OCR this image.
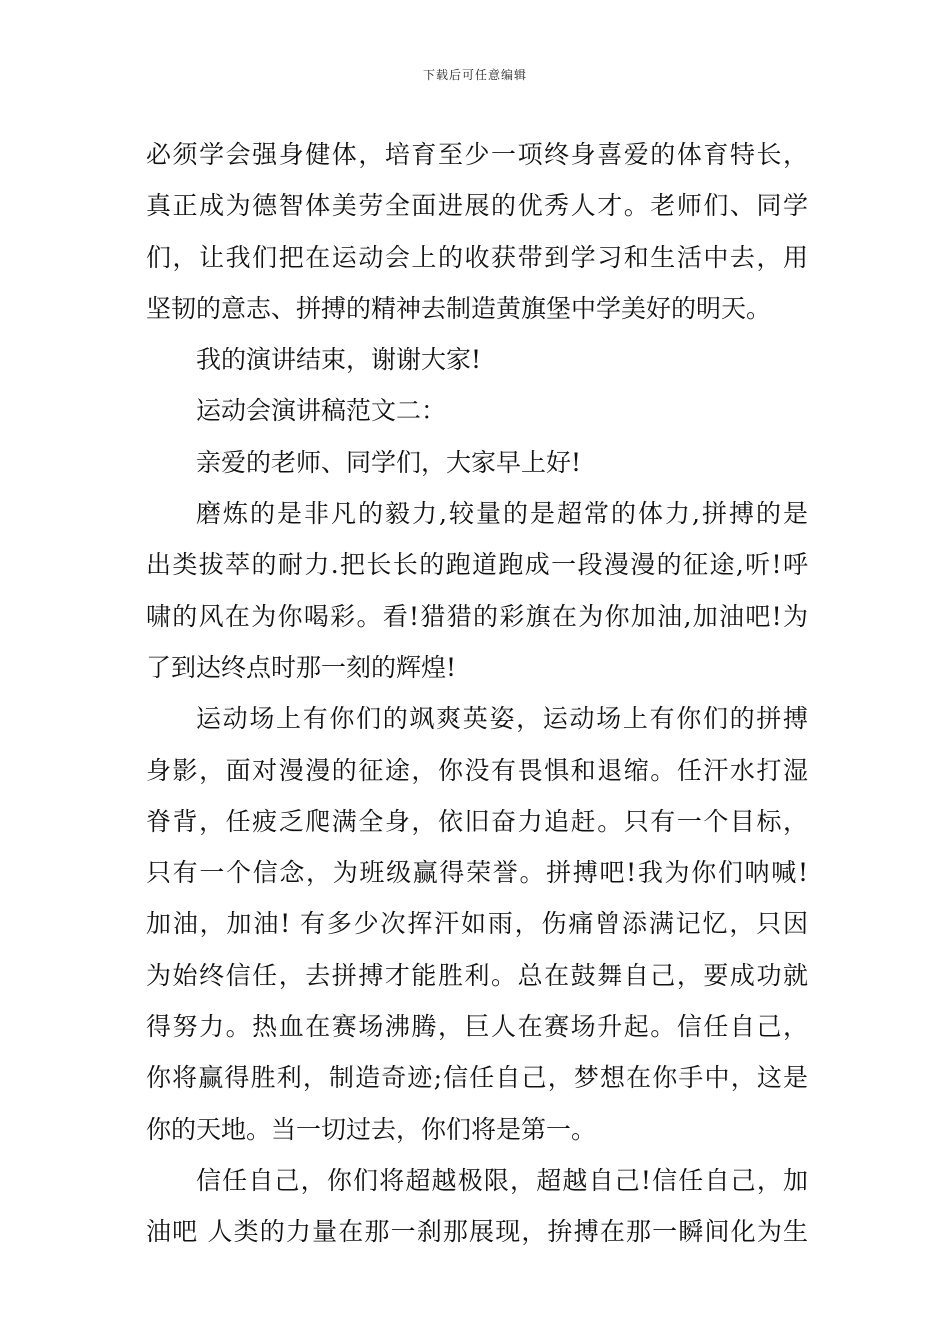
下载后可任意编辑
必须学会强身健体，培育至少一项终身喜爱的体育特长，
真正成为德智体美劳全面进展的优秀人才。老师们、同学
们，让我们把在运动会上的收获带到学习和生活中去，用
坚韧的意志、拼搏的精神去制造黄旗堡中学美好的明天。
我的演讲结束，谢谢大家!
运动会演讲稿范文二：
亲爱的老师、同学们，大家早上好!
磨炼的是非凡的毅力,较量的是超常的体力,拼搏的是
出类拔萃的耐力.把长长的跑道跑成一段漫漫的征途,听!呼
啸的风在为你喝彩。看!猎猎的彩旗在为你加油,加油吧!为
了到达终点时那一刻的辉煌!
运动场上有你们的飒爽英姿，运动场上有你们的拼搏
身影，面对漫漫的征途，你没有畏惧和退缩。任汗水打湿
脊背，任疲乏爬满全身，依旧奋力追赶。只有一个目标，
只有一个信念，为班级赢得荣誉。拼搏吧!我为你们呐喊!
加油，加油! 有多少次挥汗如雨，伤痛曾添满记忆，只因
为始终信任，去拼搏才能胜利。总在鼓舞自己，要成功就
得努力。热血在赛场沸腾，巨人在赛场升起。信任自己，
你将赢得胜利，制造奇迹;信任自己，梦想在你手中，这是
你的天地。当一切过去，你们将是第一。
信任自己，你们将超越极限，超越自己!信任自己，加
油吧 人类的力量在那一刹那展现，拚搏在那一瞬间化为生
